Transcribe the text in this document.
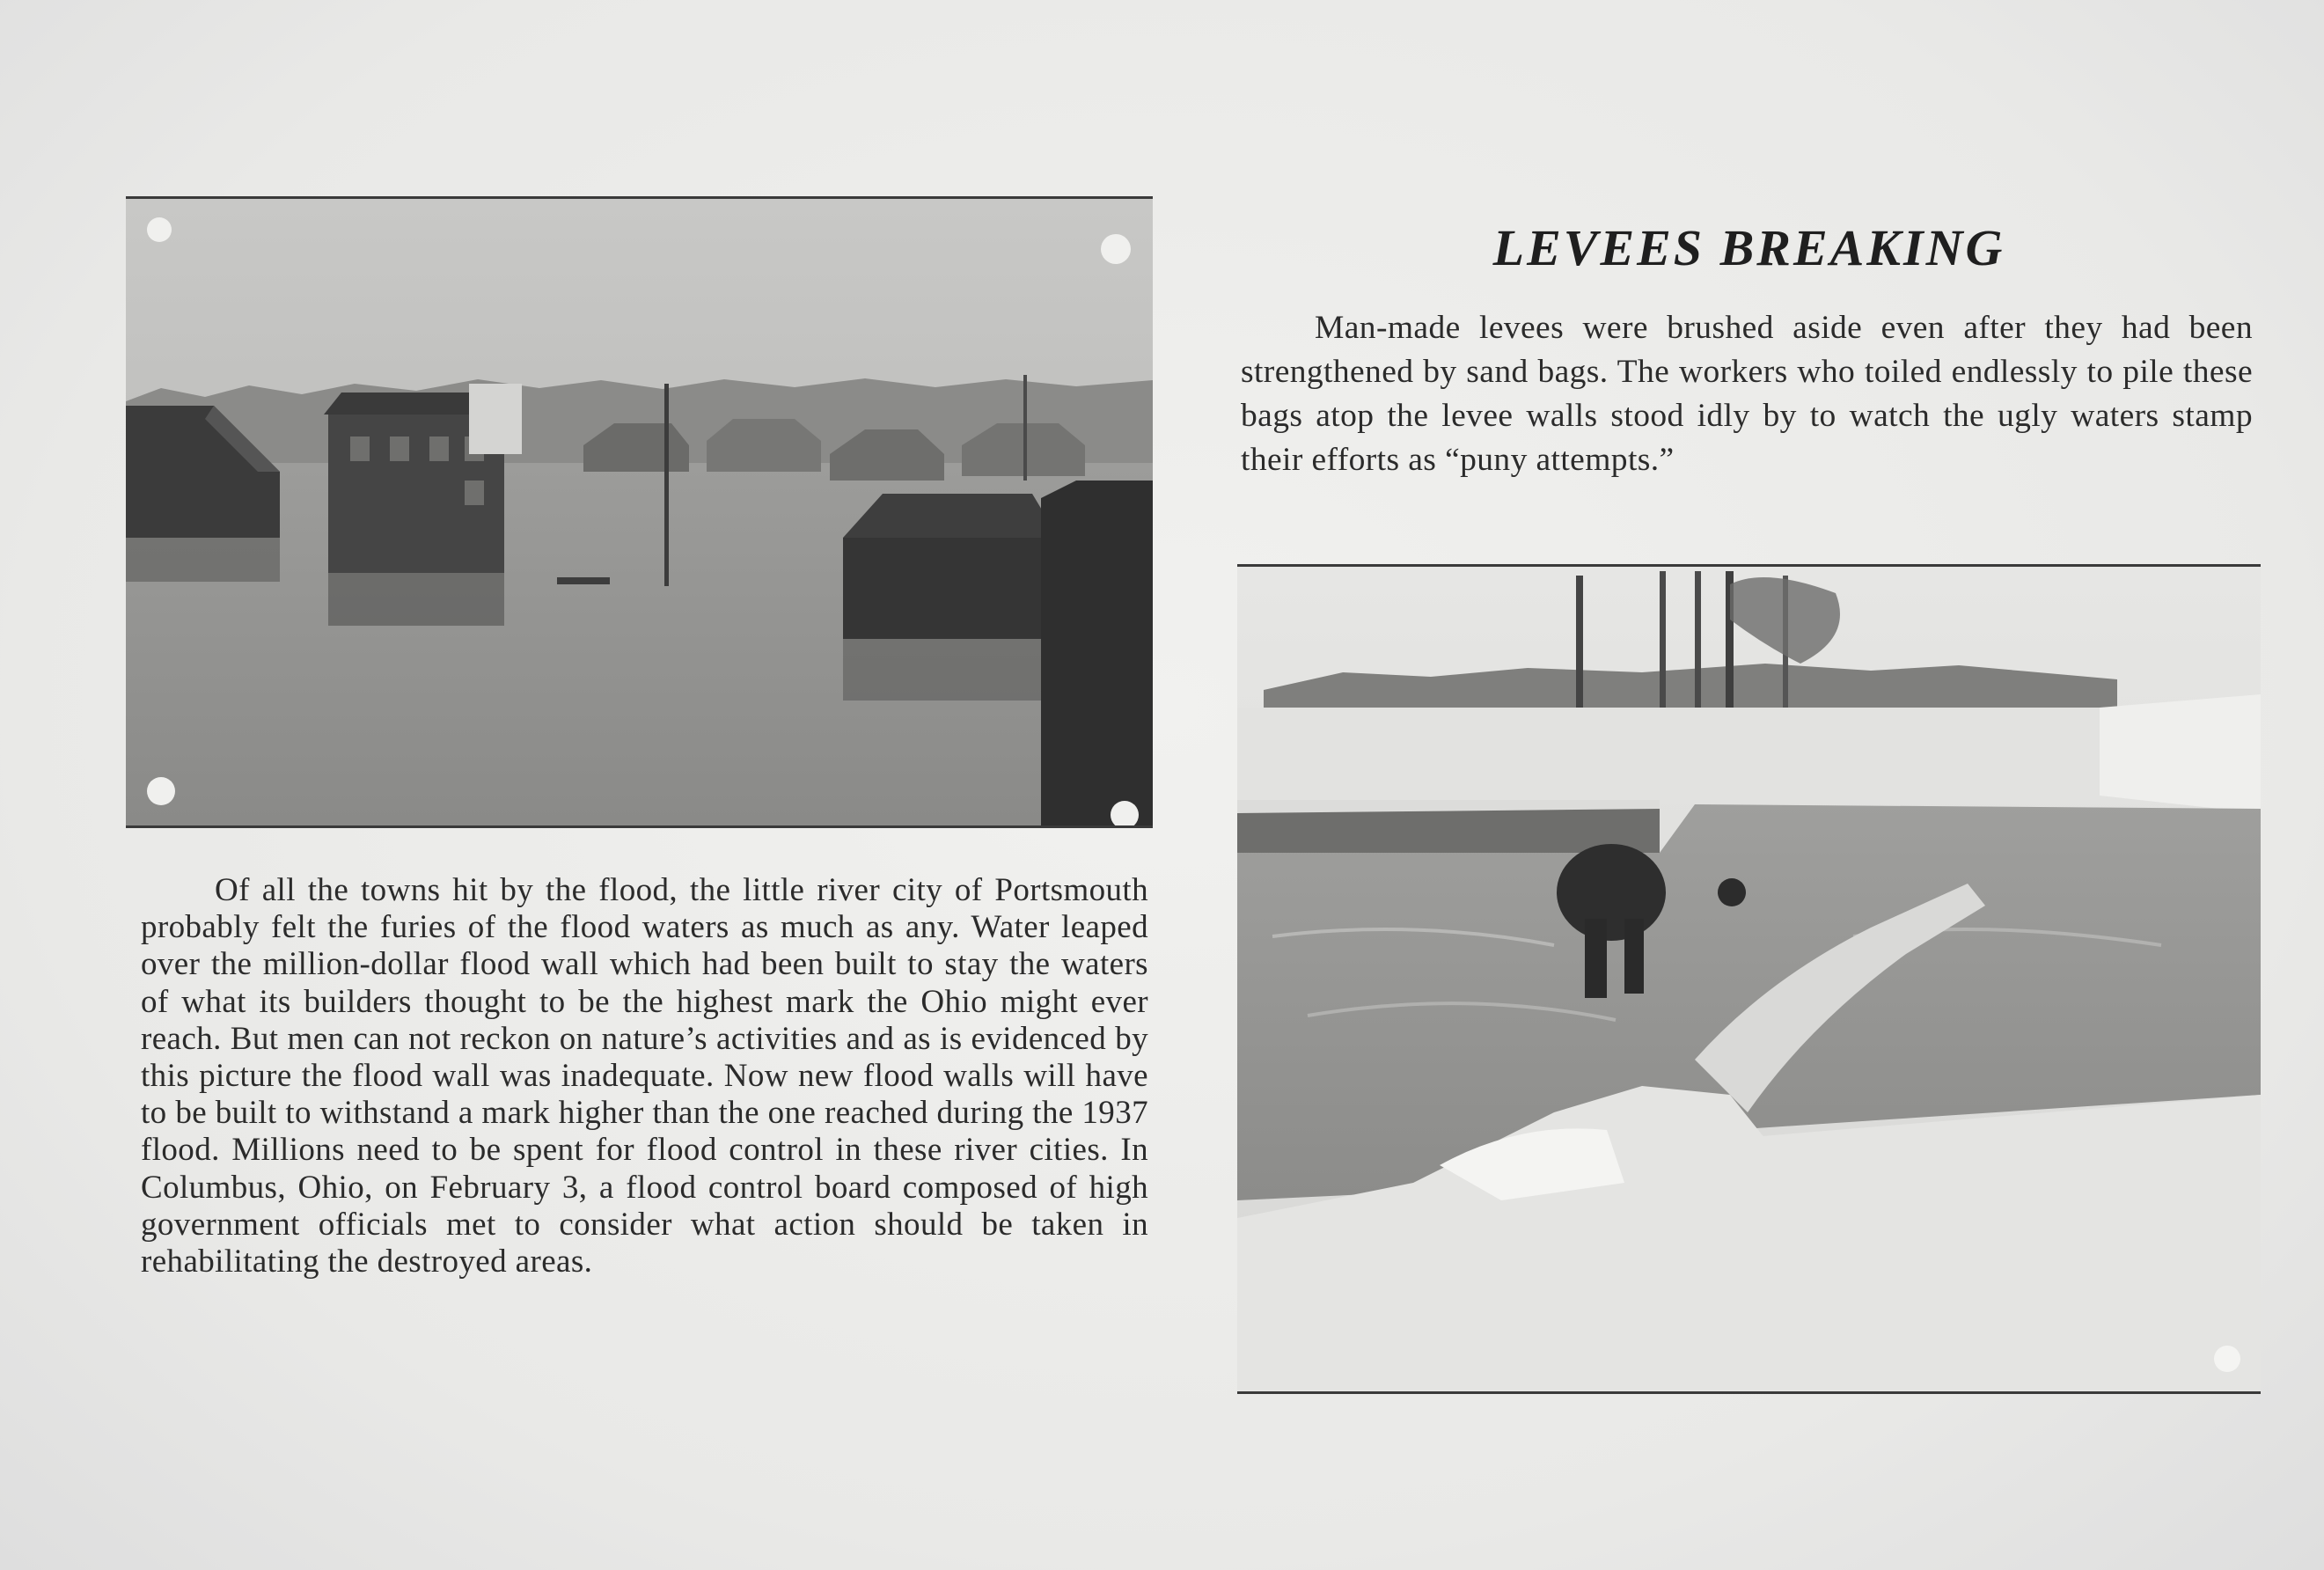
LEVEES BREAKING

Man-made levees were brushed aside even after they had been strengthened by sand bags. The workers who toiled endlessly to pile these bags atop the levee walls stood idly by to watch the ugly waters stamp their efforts as “puny attempts.”

Of all the towns hit by the flood, the little river city of Portsmouth probably felt the furies of the flood waters as much as any. Water leaped over the million-dollar flood wall which had been built to stay the waters of what its builders thought to be the highest mark the Ohio might ever reach. But men can not reckon on nature’s activities and as is evidenced by this picture the flood wall was inadequate. Now new flood walls will have to be built to withstand a mark higher than the one reached during the 1937 flood. Millions need to be spent for flood control in these river cities. In Columbus, Ohio, on February 3, a flood control board composed of high government officials met to consider what action should be taken in rehabilitating the destroyed areas.
